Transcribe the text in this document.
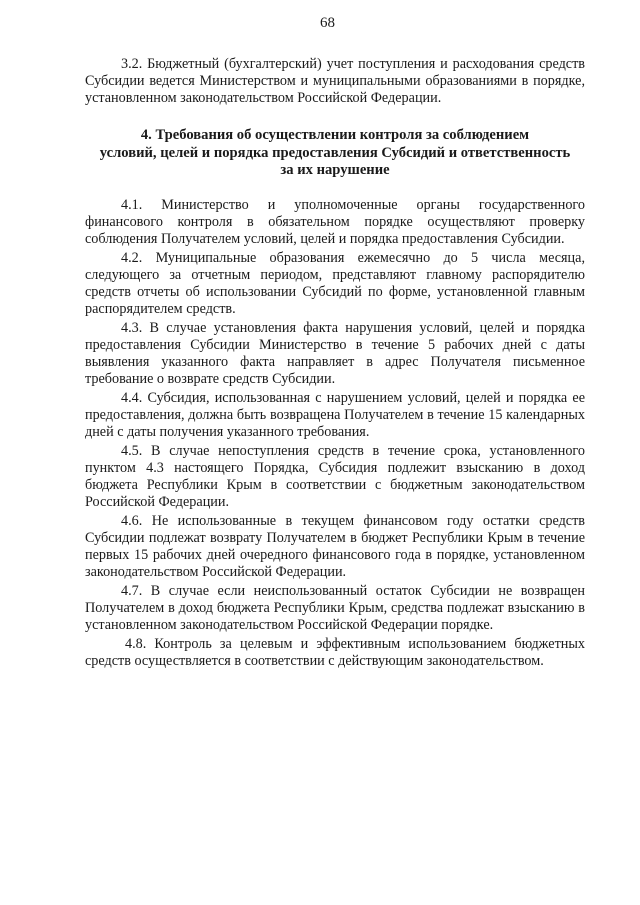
68

3.2. Бюджетный (бухгалтерский) учет поступления и расходования средств Субсидии ведется Министерством и муниципальными образованиями в порядке, установленном законодательством Российской Федерации.

4. Требования об осуществлении контроля за соблюдением
условий, целей и порядка предоставления Субсидий и ответственность
за их нарушение

4.1. Министерство и уполномоченные органы государственного финансового контроля в обязательном порядке осуществляют проверку соблюдения Получателем условий, целей и порядка предоставления Субсидии.

4.2. Муниципальные образования ежемесячно до 5 числа месяца, следующего за отчетным периодом, представляют главному распорядителю средств отчеты об использовании Субсидий по форме, установленной главным распорядителем средств.

4.3. В случае установления факта нарушения условий, целей и порядка предоставления Субсидии Министерство в течение 5 рабочих дней с даты выявления указанного факта направляет в адрес Получателя письменное требование о возврате средств Субсидии.

4.4. Субсидия, использованная с нарушением условий, целей и порядка ее предоставления, должна быть возвращена Получателем в течение 15 календарных дней с даты получения указанного требования.

4.5. В случае непоступления средств в течение срока, установленного пунктом 4.3 настоящего Порядка, Субсидия подлежит взысканию в доход бюджета Республики Крым в соответствии с бюджетным законодательством Российской Федерации.

4.6. Не использованные в текущем финансовом году остатки средств Субсидии подлежат возврату Получателем в бюджет Республики Крым в течение первых 15 рабочих дней очередного финансового года в порядке, установленном законодательством Российской Федерации.

4.7. В случае если неиспользованный остаток Субсидии не возвращен Получателем в доход бюджета Республики Крым, средства подлежат взысканию в установленном законодательством Российской Федерации порядке.

4.8. Контроль за целевым и эффективным использованием бюджетных средств осуществляется в соответствии с действующим законодательством.
